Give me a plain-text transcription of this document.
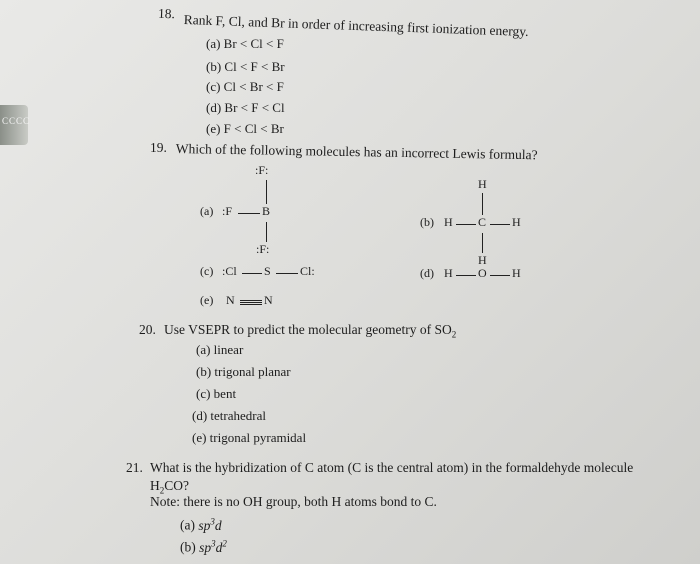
CCCC
18. Rank F, Cl, and Br in order of increasing first ionization energy.
(a) Br < Cl < F
(b) Cl < F < Br
(c) Cl < Br < F
(d) Br < F < Cl
(e) F < Cl < Br
19. Which of the following molecules has an incorrect Lewis formula?
:F:
(a) :F B
:F:
H
(b) H C H
H
(c) :Cl S Cl:	(d) H O H
(e) N N
20. Use VSEPR to predict the molecular geometry of $SO_2$
(a) linear
(b) trigonal planar
(c) bent
(d) tetrahedral
(e) trigonal pyramidal
21. What is the hybridization of C atom (C is the central atom) in the formaldehyde molecule
$H_2CO$?
Note: there is no OH group, both H atoms bond to C.
(a) $sp^3d$
(b) $sp^3d^2$
